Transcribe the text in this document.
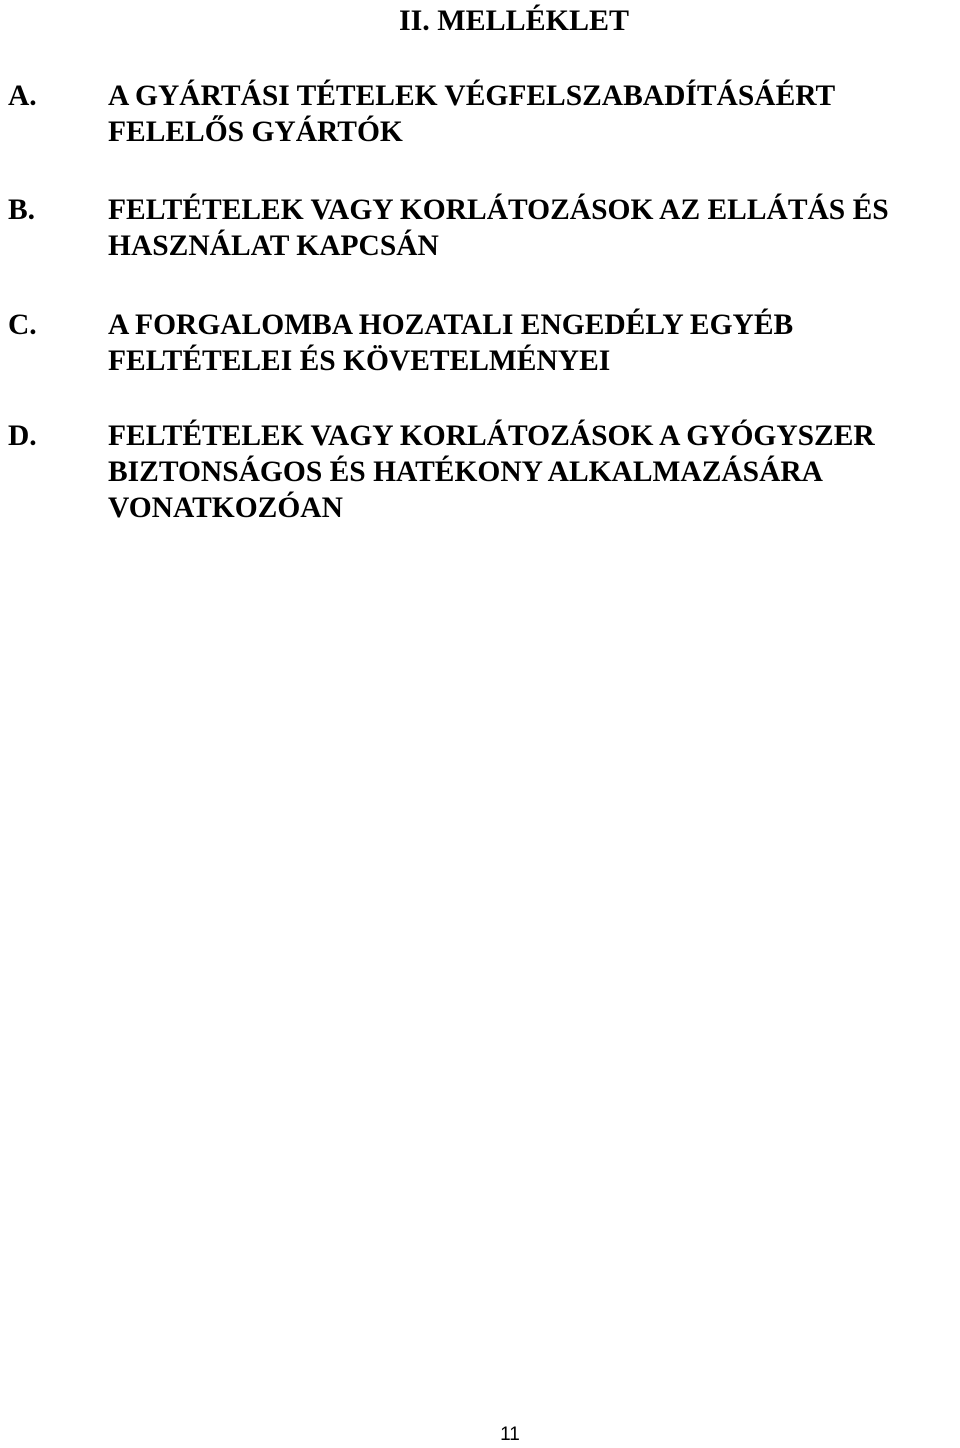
II. MELLÉKLET
A. A GYÁRTÁSI TÉTELEK VÉGFELSZABADÍTÁSÁÉRT
FELELŐS GYÁRTÓK
B. FELTÉTELEK VAGY KORLÁTOZÁSOK AZ ELLÁTÁS ÉS
HASZNÁLAT KAPCSÁN
C. A FORGALOMBA HOZATALI ENGEDÉLY EGYÉB
FELTÉTELEI ÉS KÖVETELMÉNYEI
D. FELTÉTELEK VAGY KORLÁTOZÁSOK A GYÓGYSZER
BIZTONSÁGOS ÉS HATÉKONY ALKALMAZÁSÁRA
VONATKOZÓAN
11
